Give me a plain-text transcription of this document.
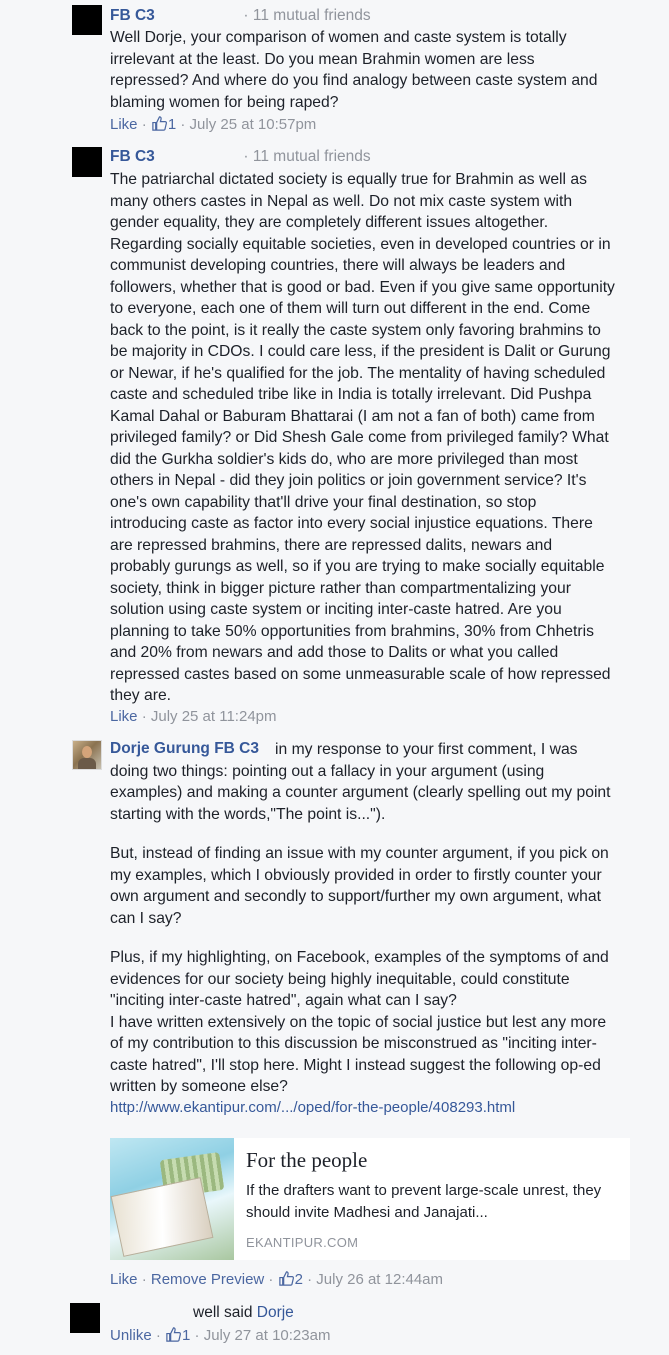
FB C3	· 11 mutual friends
Well Dorje, your comparison of women and caste system is totally irrelevant at the least. Do you mean Brahmin women are less repressed? And where do you find analogy between caste system and blaming women for being raped?
Like · 1 · July 25 at 10:57pm
FB C3	· 11 mutual friends
The patriarchal dictated society is equally true for Brahmin as well as many others castes in Nepal as well. Do not mix caste system with gender equality, they are completely different issues altogether. Regarding socially equitable societies, even in developed countries or in communist developing countries, there will always be leaders and followers, whether that is good or bad. Even if you give same opportunity to everyone, each one of them will turn out different in the end. Come back to the point, is it really the caste system only favoring brahmins to be majority in CDOs. I could care less, if the president is Dalit or Gurung or Newar, if he's qualified for the job. The mentality of having scheduled caste and scheduled tribe like in India is totally irrelevant. Did Pushpa Kamal Dahal or Baburam Bhattarai (I am not a fan of both) came from privileged family? or Did Shesh Gale come from privileged family? What did the Gurkha soldier's kids do, who are more privileged than most others in Nepal - did they join politics or join government service? It's one's own capability that'll drive your final destination, so stop introducing caste as factor into every social injustice equations. There are repressed brahmins, there are repressed dalits, newars and probably gurungs as well, so if you are trying to make socially equitable society, think in bigger picture rather than compartmentalizing your solution using caste system or inciting inter-caste hatred. Are you planning to take 50% opportunities from brahmins, 30% from Chhetris and 20% from newars and add those to Dalits or what you called repressed castes based on some unmeasurable scale of how repressed they are.
Like · July 25 at 11:24pm
Dorje Gurung FB C3	in my response to your first comment, I was doing two things: pointing out a fallacy in your argument (using examples) and making a counter argument (clearly spelling out my point starting with the words,"The point is...").

But, instead of finding an issue with my counter argument, if you pick on my examples, which I obviously provided in order to firstly counter your own argument and secondly to support/further my own argument, what can I say?

Plus, if my highlighting, on Facebook, examples of the symptoms of and evidences for our society being highly inequitable, could constitute "inciting inter-caste hatred", again what can I say?

I have written extensively on the topic of social justice but lest any more of my contribution to this discussion be misconstrued as "inciting inter-caste hatred", I'll stop here. Might I instead suggest the following op-ed written by someone else?

http://www.ekantipur.com/.../oped/for-the-people/408293.html
For the people
If the drafters want to prevent large-scale unrest, they should invite Madhesi and Janajati...
EKANTIPUR.COM
Like · Remove Preview · 2 · July 26 at 12:44am
well said Dorje
Unlike · 1 · July 27 at 10:23am
